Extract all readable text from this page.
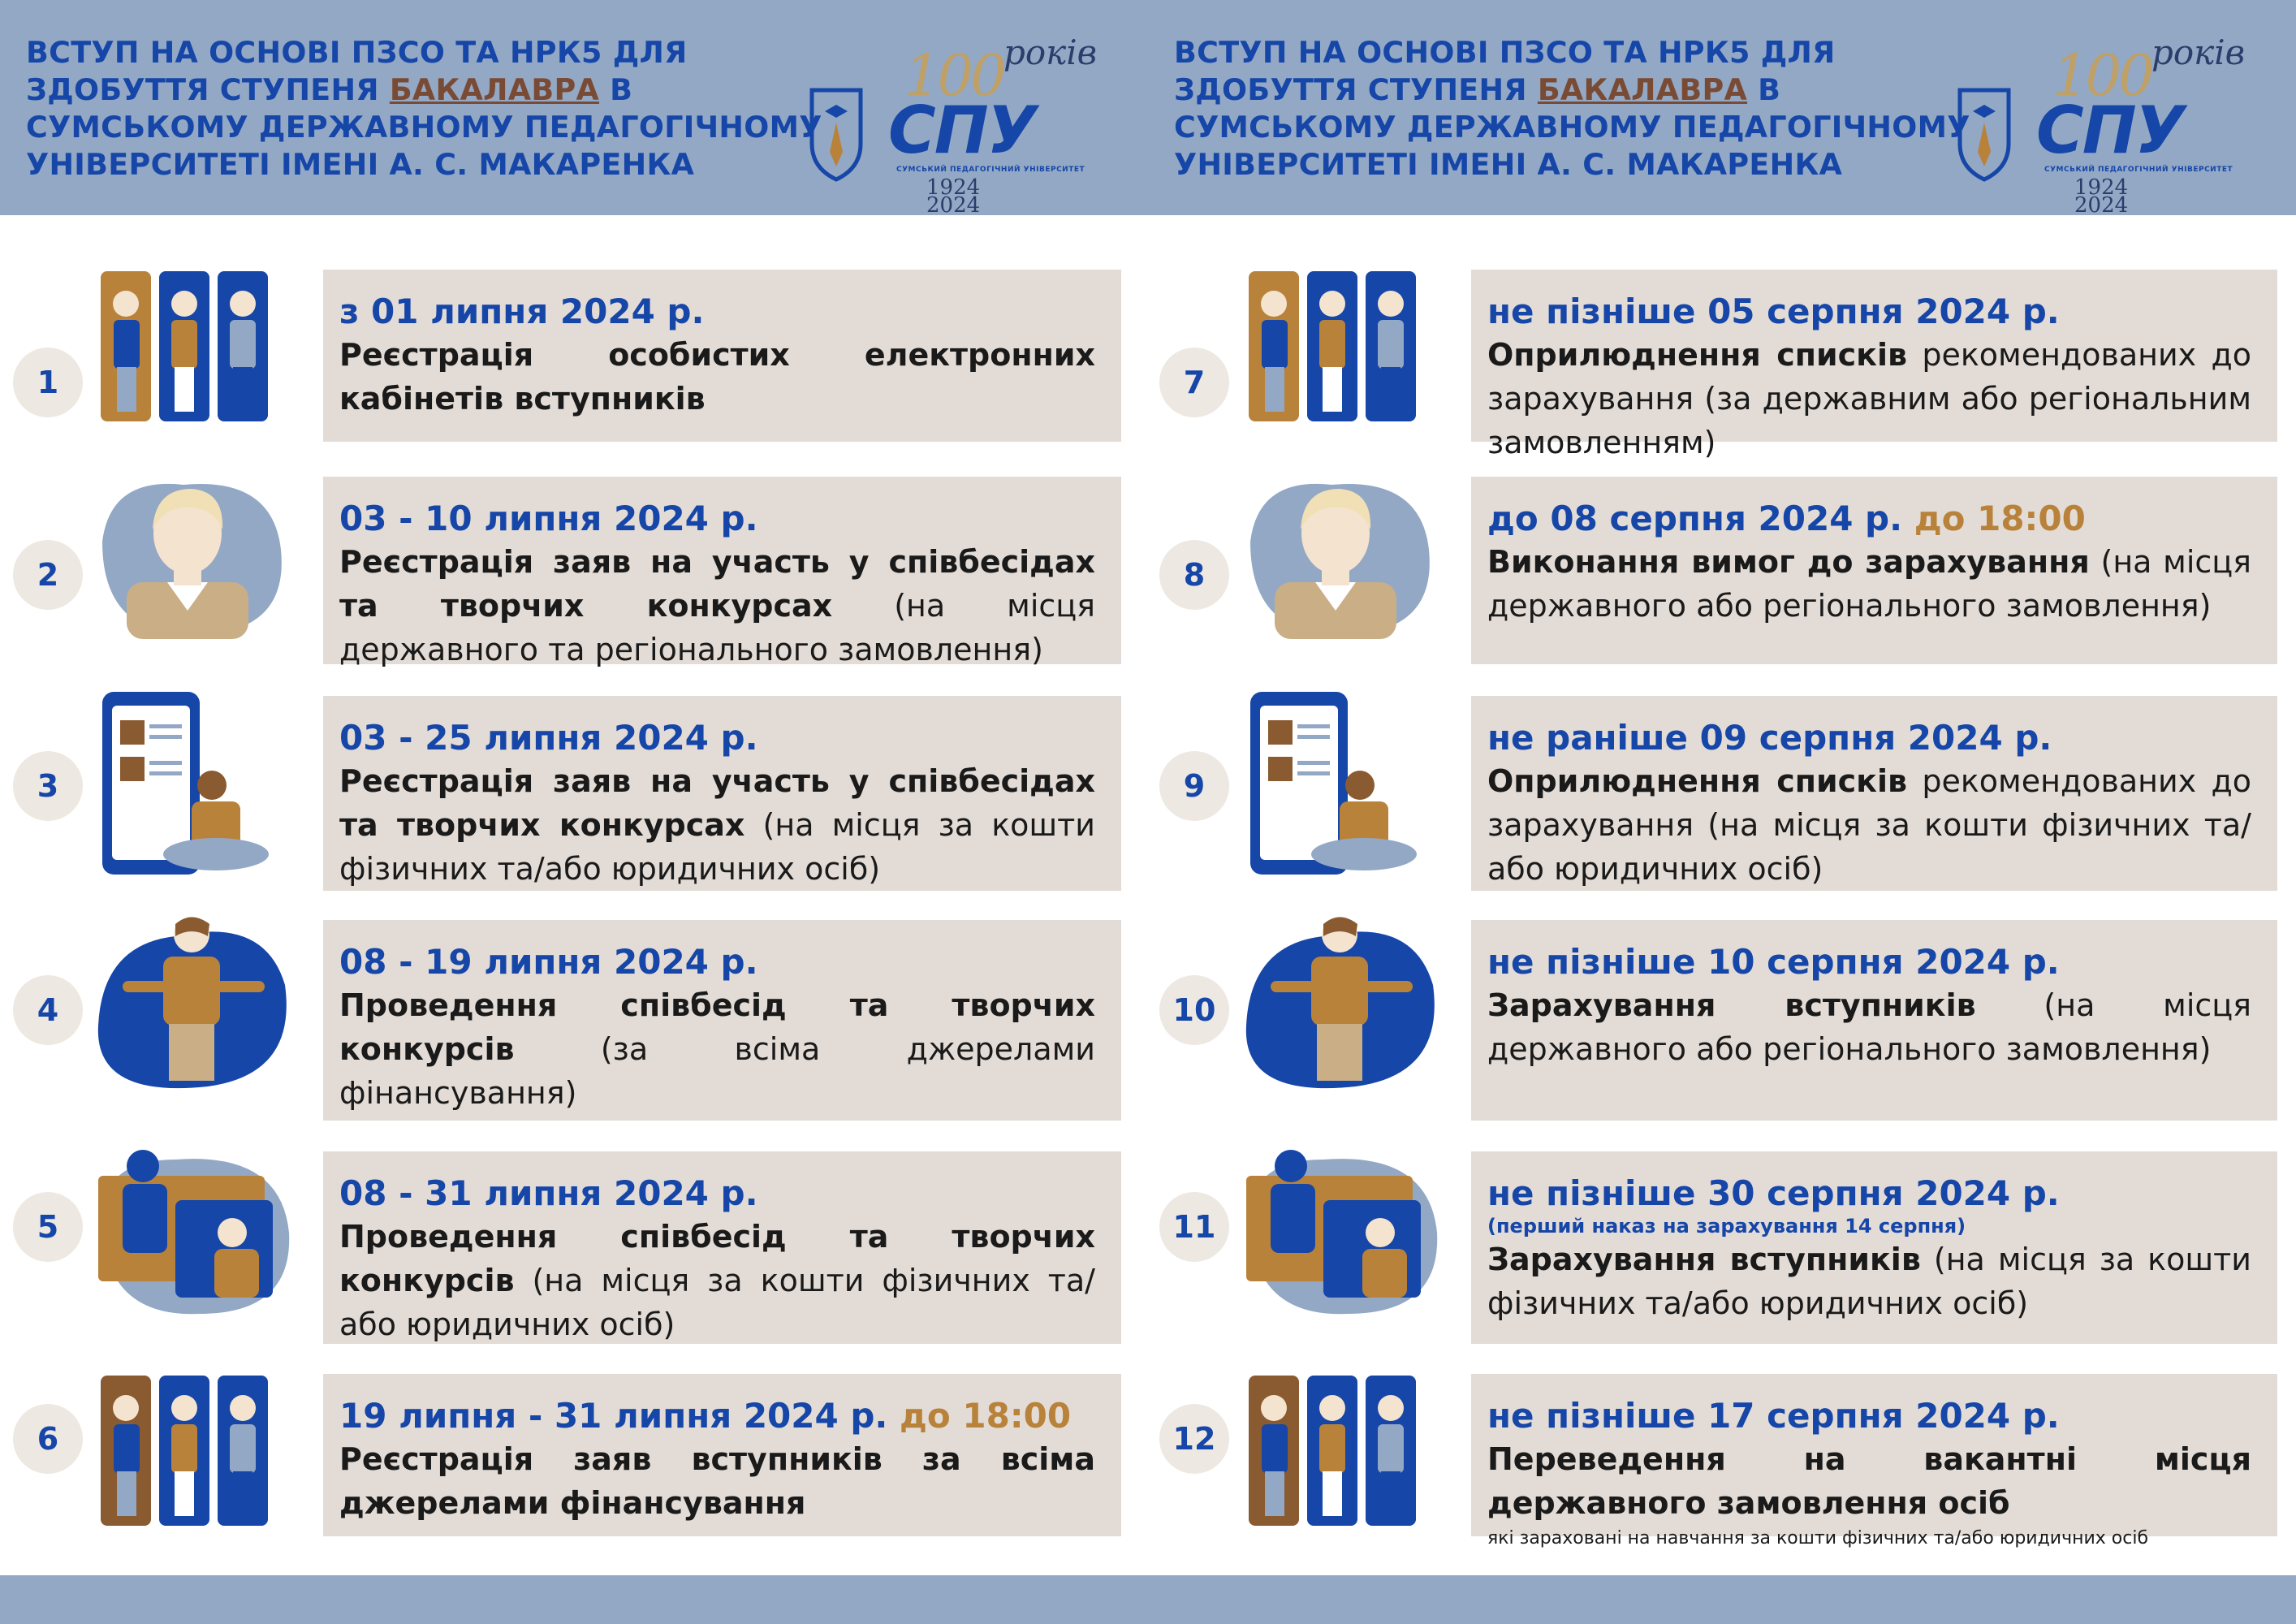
ВСТУП НА ОСНОВІ ПЗСО ТА НРК5 ДЛЯ
ЗДОБУТТЯ СТУПЕНЯ БАКАЛАВРА В
СУМСЬКОМУ ДЕРЖАВНОМУ ПЕДАГОГІЧНОМУ
УНІВЕРСИТЕТІ ІМЕНІ А. С. МАКАРЕНКА
ВСТУП НА ОСНОВІ ПЗСО ТА НРК5 ДЛЯ
ЗДОБУТТЯ СТУПЕНЯ БАКАЛАВРА В
СУМСЬКОМУ ДЕРЖАВНОМУ ПЕДАГОГІЧНОМУ
УНІВЕРСИТЕТІ ІМЕНІ А. С. МАКАРЕНКА
100 років
СПУ
СУМСЬКИЙ ПЕДАГОГІЧНИЙ УНІВЕРСИТЕТ
1924
2024
100 років
СПУ
СУМСЬКИЙ ПЕДАГОГІЧНИЙ УНІВЕРСИТЕТ
1924
2024
1
з 01 липня 2024 р.
Реєстрація особистих електронних кабінетів вступників
2
03 - 10 липня 2024 р.
Реєстрація заяв на участь у співбесідах та творчих конкурсах (на місця державного та регіонального замовлення)
3
03 - 25 липня 2024 р.
Реєстрація заяв на участь у співбесідах та творчих конкурсах (на місця за кошти фізичних та/або юридичних осіб)
4
08 - 19 липня 2024 р.
Проведення співбесід та творчих конкурсів (за всіма джерелами фінансування)
5
08 - 31 липня 2024 р.
Проведення співбесід та творчих конкурсів (на місця за кошти фізичних та/ або юридичних осіб)
6
19 липня - 31 липня 2024 р. до 18:00
Реєстрація заяв вступників за всіма джерелами фінансування
7
не пізніше 05 серпня 2024 р.
Оприлюднення списків рекомендованих до зарахування (за державним або регіональним замовленням)
8
до 08 серпня 2024 р. до 18:00
Виконання вимог до зарахування (на місця державного або регіонального замовлення)
9
не раніше 09 серпня 2024 р.
Оприлюднення списків рекомендованих до зарахування (на місця за кошти фізичних та/або юридичних осіб)
10
не пізніше 10 серпня 2024 р.
Зарахування вступників (на місця державного або регіонального замовлення)
11
не пізніше 30 серпня 2024 р.
(перший наказ на зарахування 14 серпня)
Зарахування вступників (на місця за кошти фізичних та/або юридичних осіб)
12
не пізніше 17 серпня 2024 р.
Переведення на вакантні місця державного замовлення осіб
які зараховані на навчання за кошти фізичних та/або юридичних осіб
